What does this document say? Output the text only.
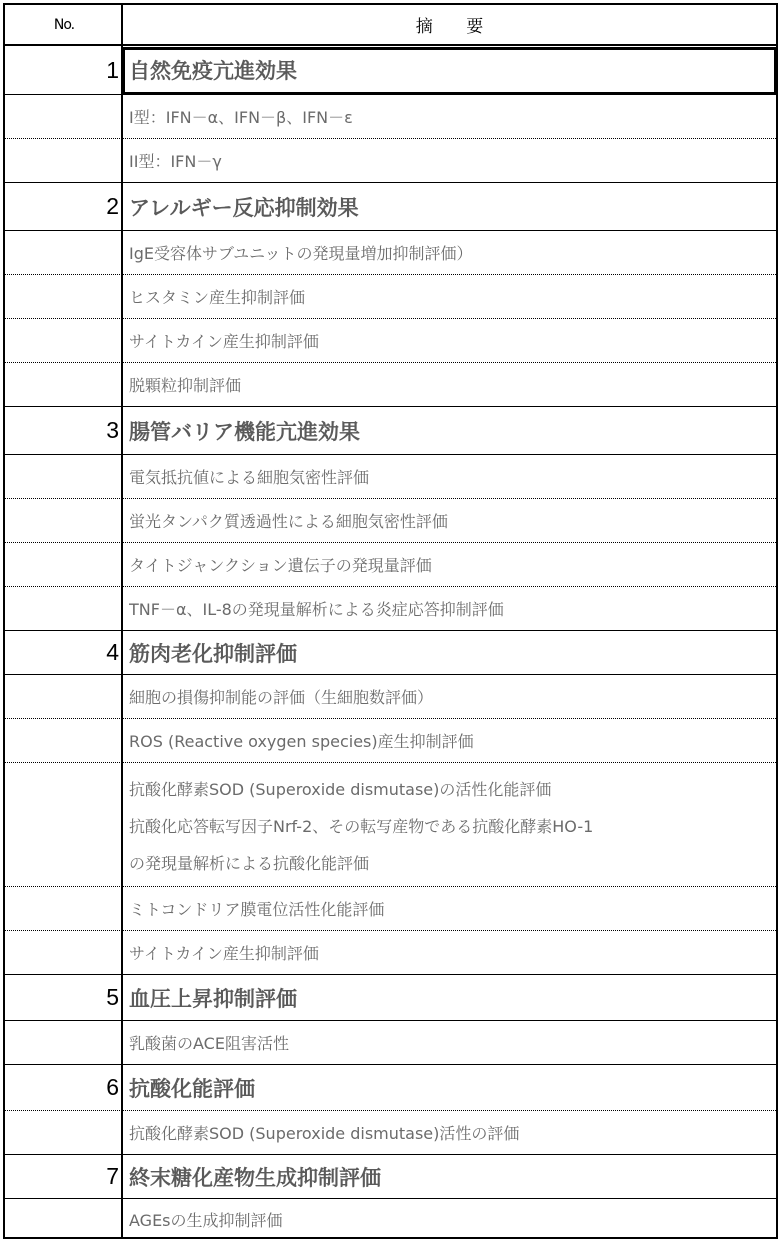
No.	摘 要
1 自然免疫亢進効果
I型：IFN－α、IFN－β、IFN－ε
II型：IFN－γ
2 アレルギー反応抑制効果
IgE受容体サブユニットの発現量増加抑制評価）
ヒスタミン産生抑制評価
サイトカイン産生抑制評価
脱顆粒抑制評価
3 腸管バリア機能亢進効果
電気抵抗値による細胞気密性評価
蛍光タンパク質透過性による細胞気密性評価
タイトジャンクション遺伝子の発現量評価
TNF－α、IL-8の発現量解析による炎症応答抑制評価
4 筋肉老化抑制評価
細胞の損傷抑制能の評価（生細胞数評価）
ROS (Reactive oxygen species)産生抑制評価
抗酸化酵素SOD (Superoxide dismutase)の活性化能評価
抗酸化応答転写因子Nrf-2、その転写産物である抗酸化酵素HO-1
の発現量解析による抗酸化能評価
ミトコンドリア膜電位活性化能評価
サイトカイン産生抑制評価
5 血圧上昇抑制評価
乳酸菌のACE阻害活性
6 抗酸化能評価
抗酸化酵素SOD (Superoxide dismutase)活性の評価
7 終末糖化産物生成抑制評価
AGEsの生成抑制評価
